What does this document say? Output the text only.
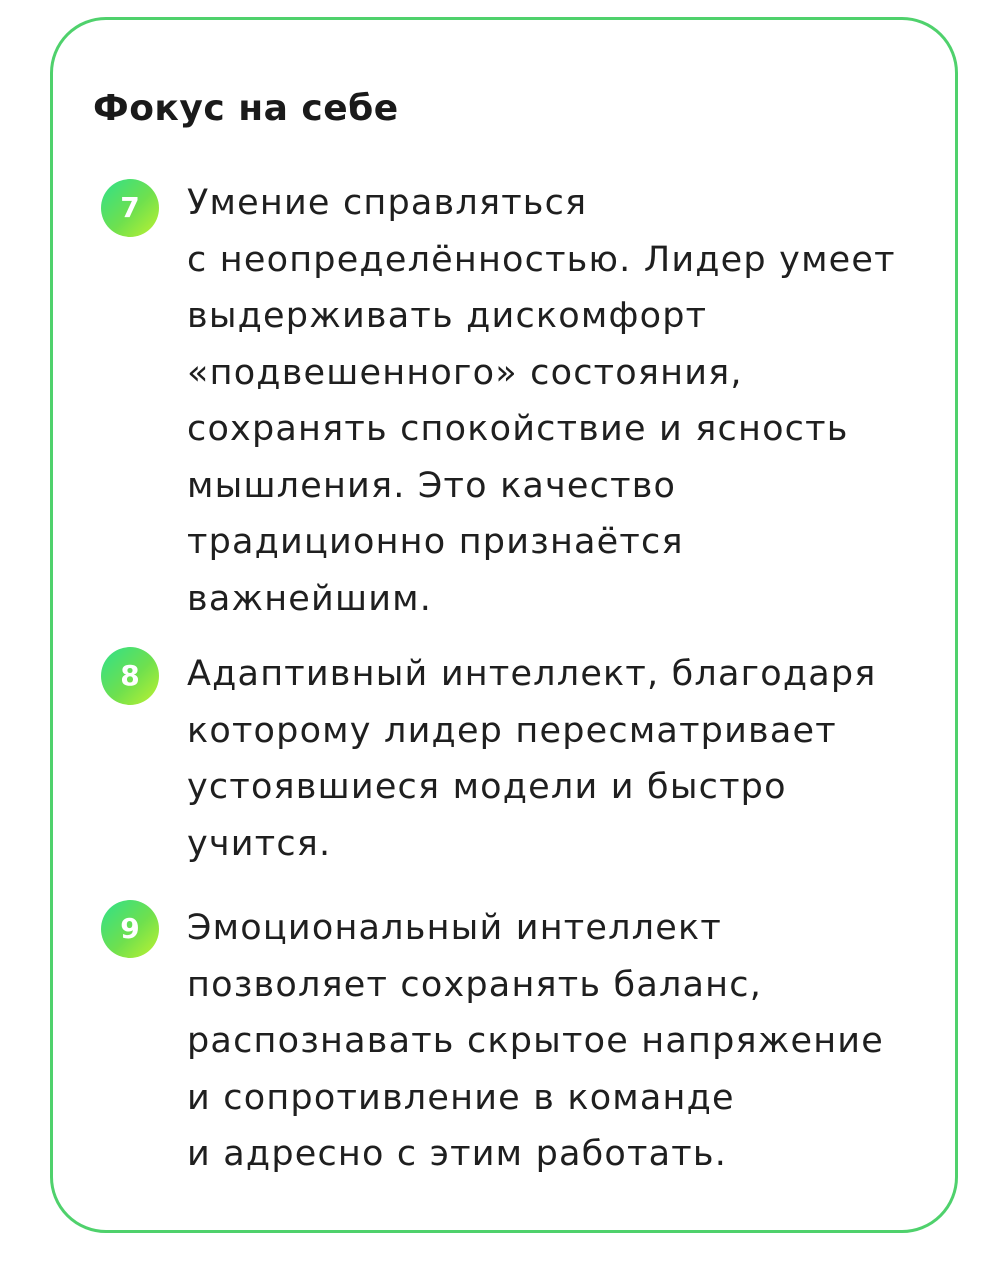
Фокус на себе
7	Умение справляться
с неопределённостью. Лидер умеет
выдерживать дискомфорт
«подвешенного» состояния,
сохранять спокойствие и ясность
мышления. Это качество
традиционно признаётся
важнейшим.

8	Адаптивный интеллект, благодаря
которому лидер пересматривает
устоявшиеся модели и быстро
учится.

9	Эмоциональный интеллект
позволяет сохранять баланс,
распознавать скрытое напряжение
и сопротивление в команде
и адресно с этим работать.
